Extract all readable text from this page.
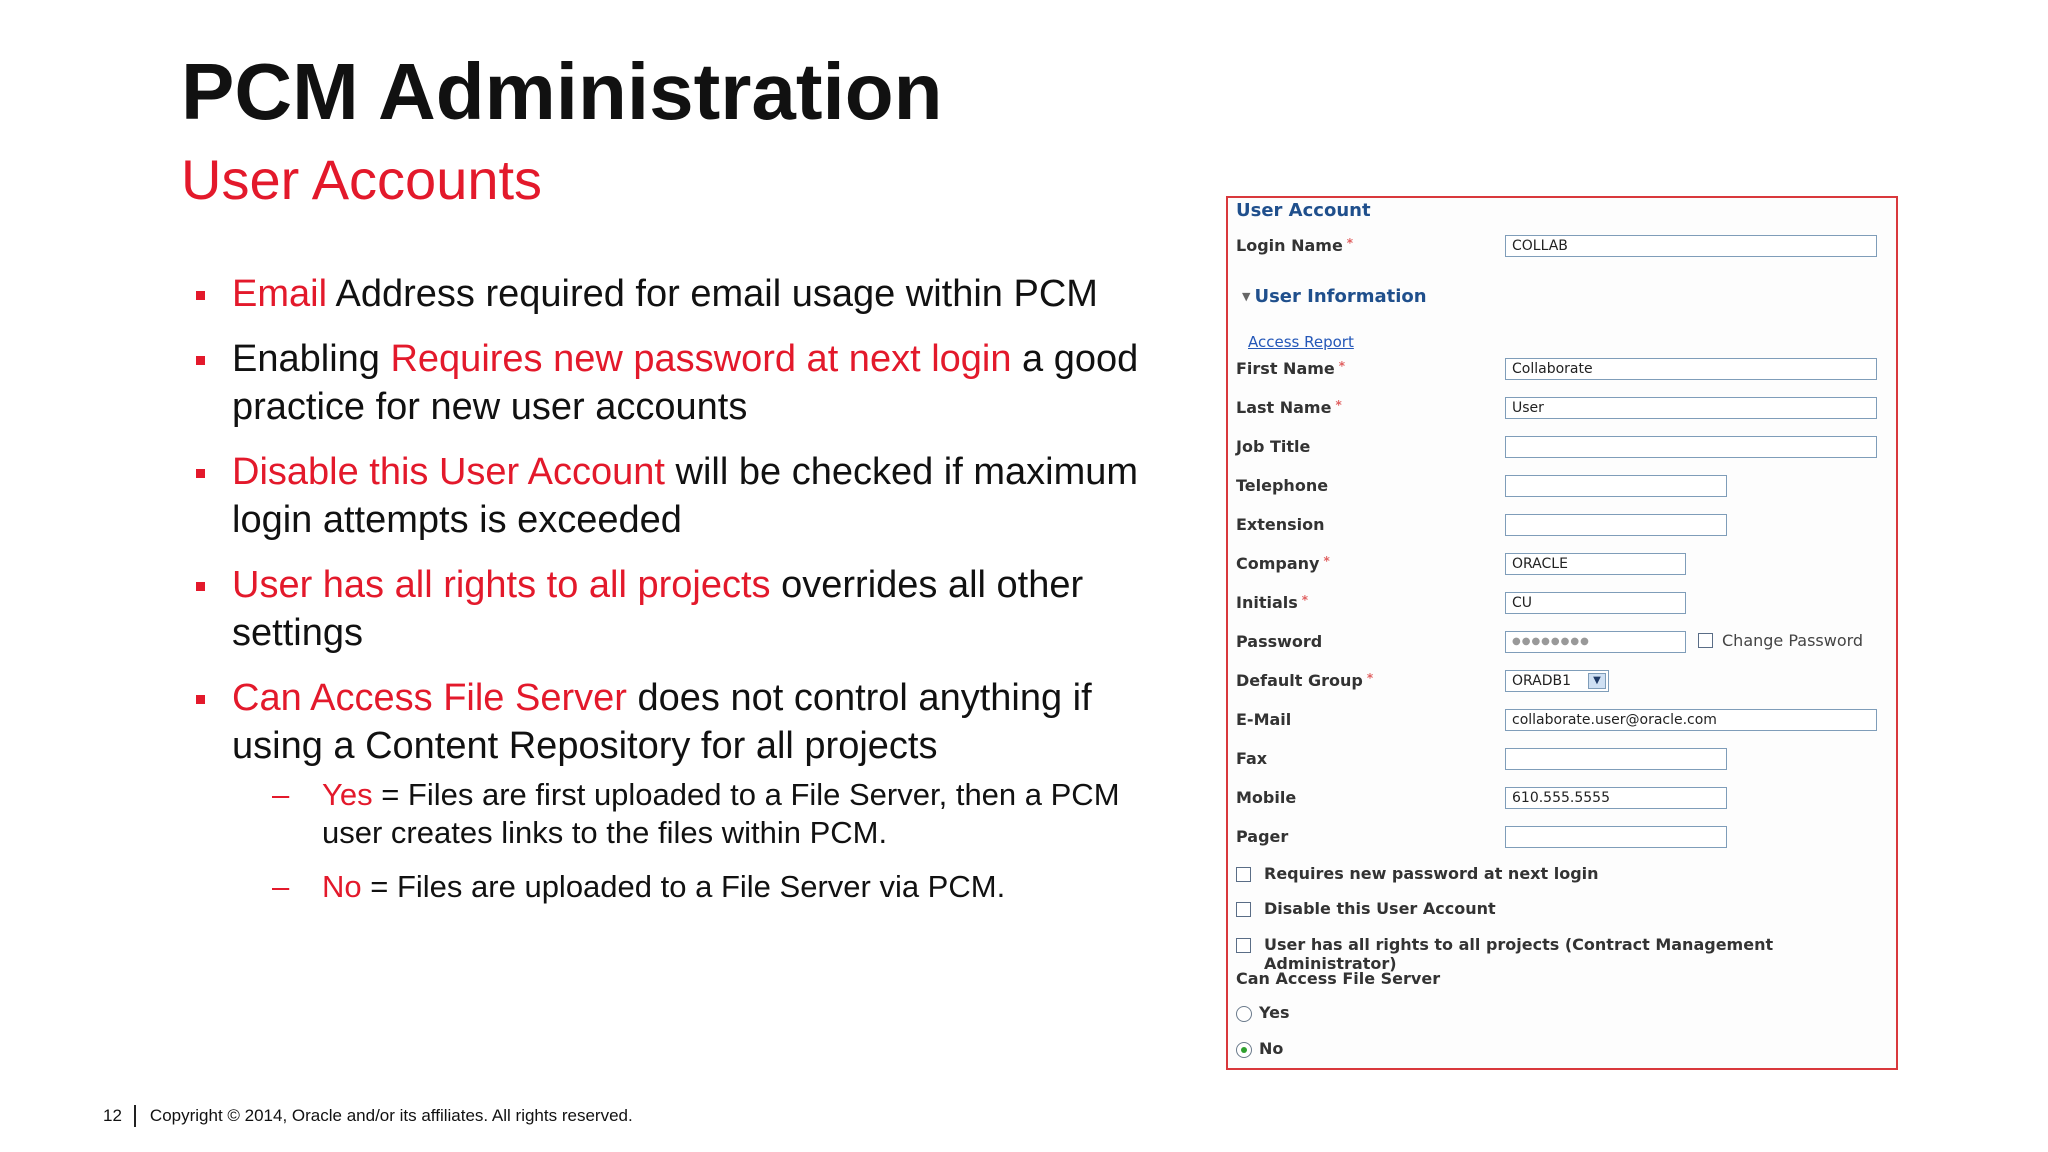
PCM Administration
User Accounts
Email Address required for email usage within PCM
Enabling Requires new password at next login a good practice for new user accounts
Disable this User Account will be checked if maximum login attempts is exceeded
User has all rights to all projects overrides all other settings
Can Access File Server does not control anything if using a Content Repository for all projects
– Yes = Files are first uploaded to a File Server, then a PCM user creates links to the files within PCM.
– No = Files are uploaded to a File Server via PCM.
12 Copyright © 2014, Oracle and/or its affiliates. All rights reserved.
User Account
Login Name *	COLLAB
▼ User Information
Access Report
First Name *	Collaborate
Last Name *	User
Job Title
Telephone
Extension
Company *	ORACLE
Initials *	CU
Password	●●●●●●●●	Change Password
Default Group *	ORADB1	▼
E-Mail	collaborate.user@oracle.com
Fax
Mobile	610.555.5555
Pager
Requires new password at next login
Disable this User Account
User has all rights to all projects (Contract Management Administrator)
Can Access File Server
Yes
No
